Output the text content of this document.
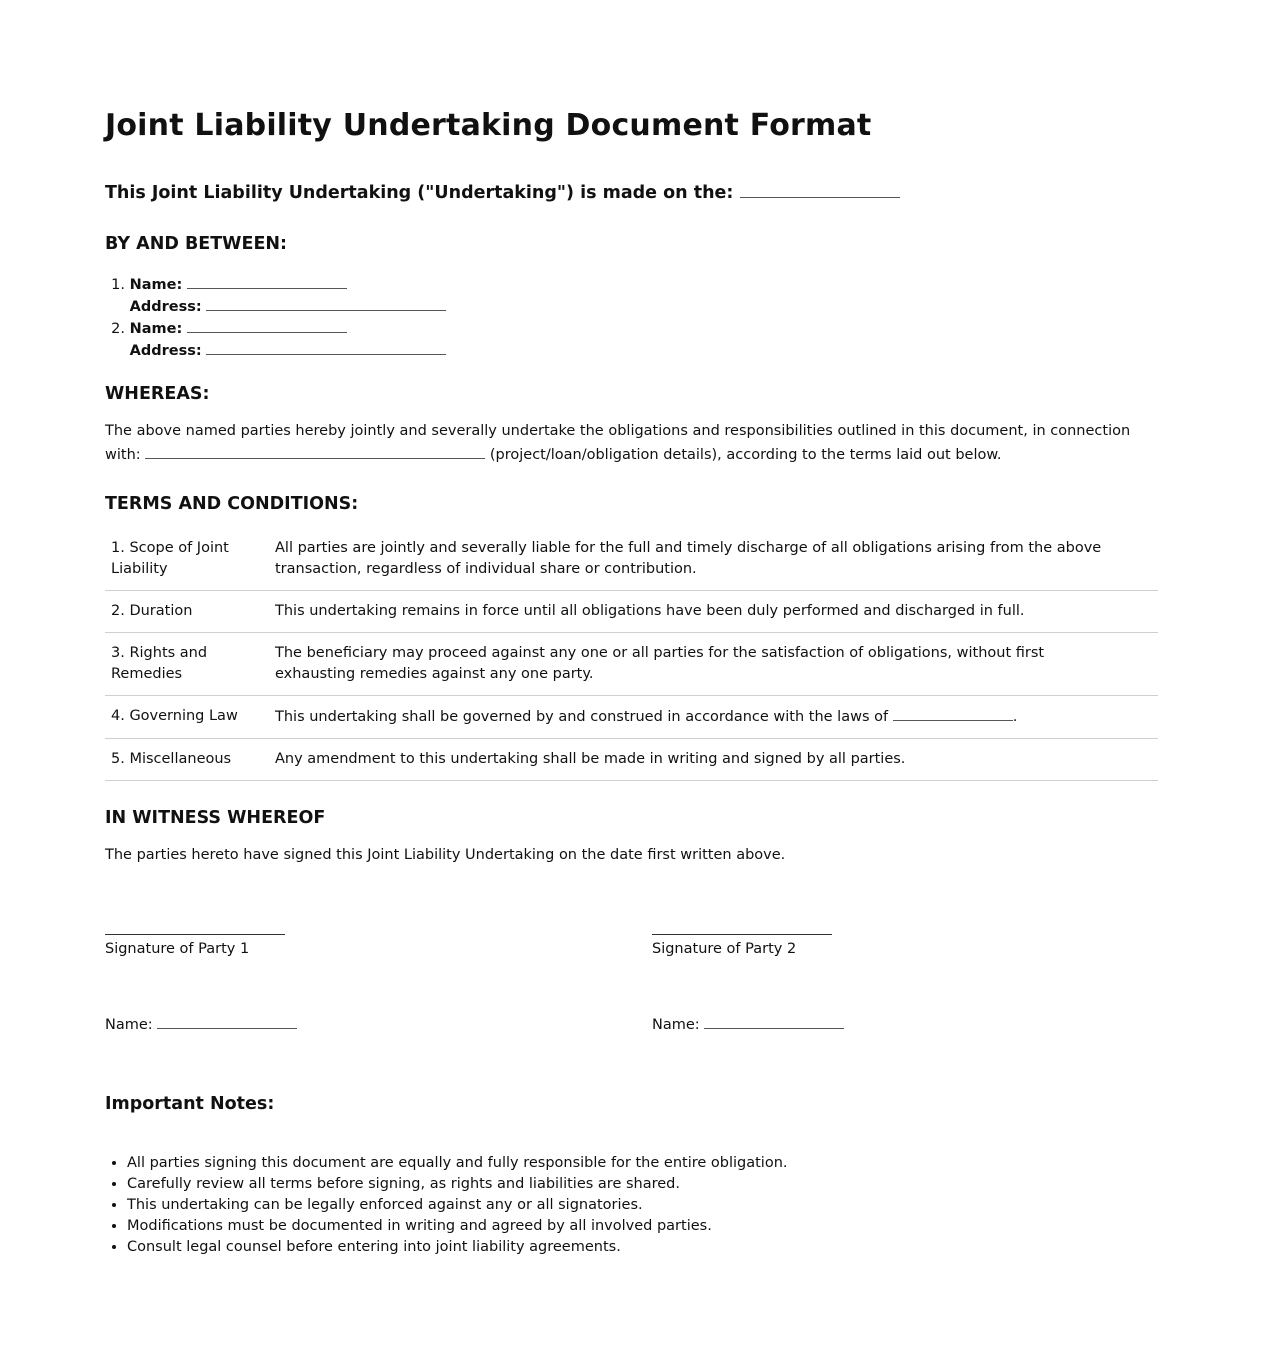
Joint Liability Undertaking Document Format
This Joint Liability Undertaking ("Undertaking") is made on the:
BY AND BETWEEN:
1. Name:
Address:
2. Name:
Address:
WHEREAS:
The above named parties hereby jointly and severally undertake the obligations and responsibilities outlined in this document, in connection with:	(project/loan/obligation details), according to the terms laid out below.
TERMS AND CONDITIONS:
1. Scope of Joint Liability	All parties are jointly and severally liable for the full and timely discharge of all obligations arising from the above transaction, regardless of individual share or contribution.
2. Duration	This undertaking remains in force until all obligations have been duly performed and discharged in full.
3. Rights and Remedies	The beneficiary may proceed against any one or all parties for the satisfaction of obligations, without first exhausting remedies against any one party.
4. Governing Law	This undertaking shall be governed by and construed in accordance with the laws of .
5. Miscellaneous	Any amendment to this undertaking shall be made in writing and signed by all parties.
IN WITNESS WHEREOF
The parties hereto have signed this Joint Liability Undertaking on the date first written above.
Signature of Party 1	Signature of Party 2
Name:	Name:
Important Notes:
• All parties signing this document are equally and fully responsible for the entire obligation.
• Carefully review all terms before signing, as rights and liabilities are shared.
• This undertaking can be legally enforced against any or all signatories.
• Modifications must be documented in writing and agreed by all involved parties.
• Consult legal counsel before entering into joint liability agreements.
